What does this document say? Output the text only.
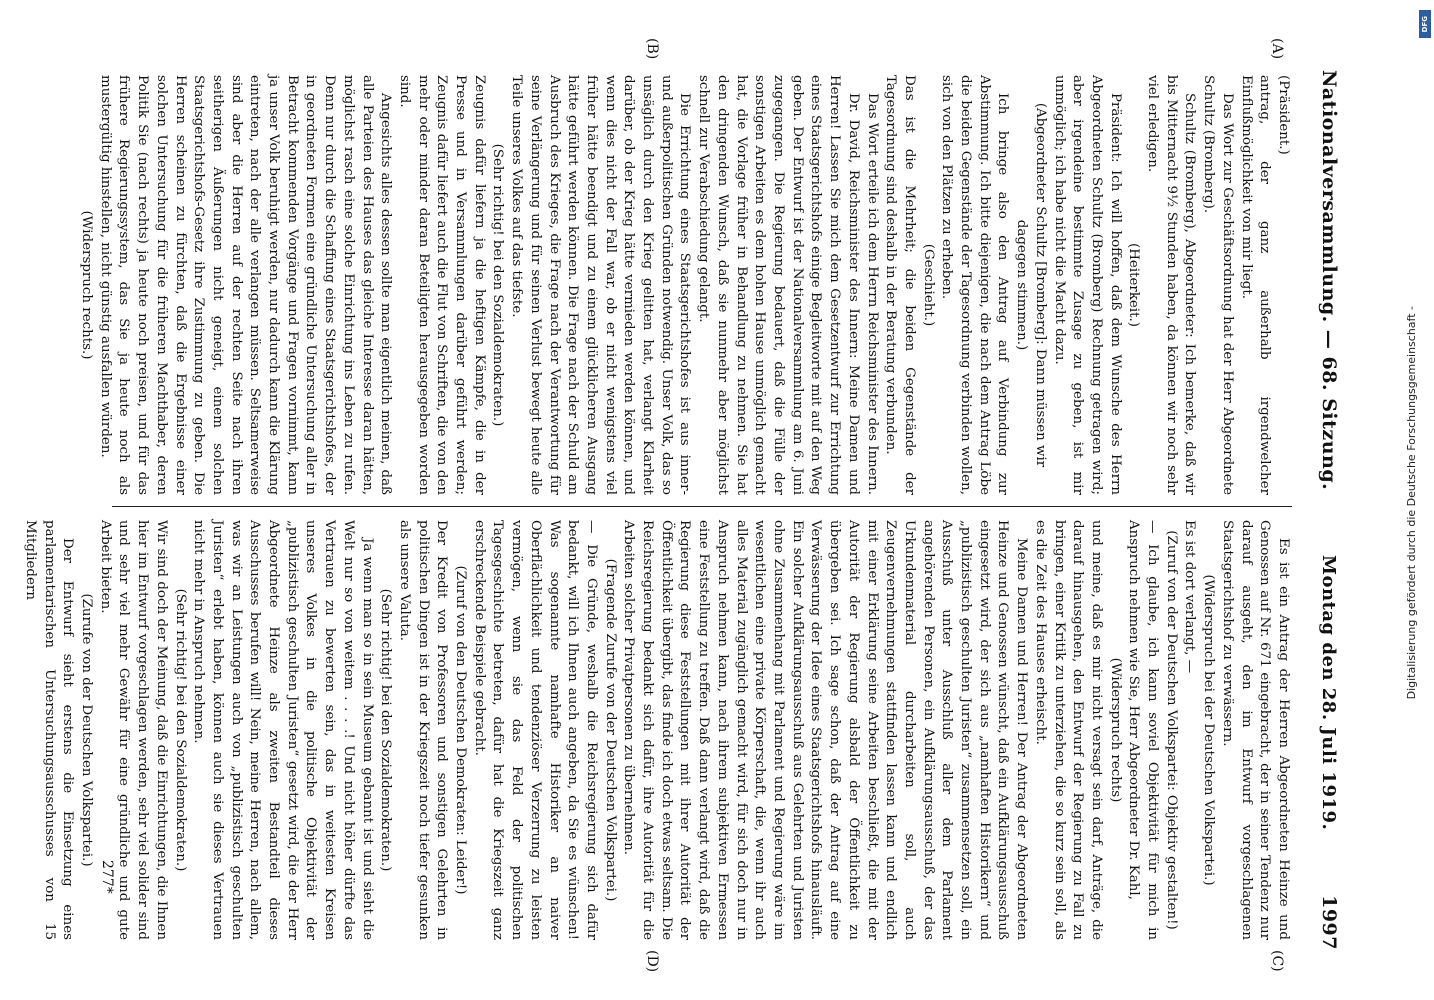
Nationalversammlung. — 68. Sitzung.
Montag den 28. Juli 1919.
1997
(A)
(B)
(C)
(D)

(Präsident.)

antrag, der ganz außerhalb irgendwelcher Einflußmöglichkeit von mir liegt.

Das Wort zur Geschäftsordnung hat der Herr Abgeordnete Schultz (Bromberg).

Schultz (Bromberg), Abgeordneter: Ich bemerke, daß wir bis Mitternacht 9½ Stunden haben, da können wir noch sehr viel erledigen.

(Heiterkeit.)

Präsident: Ich will hoffen, daß dem Wunsche des Herrn Abgeordneten Schultz (Bromberg) Rechnung getragen wird; aber irgendeine bestimmte Zusage zu geben, ist mir unmöglich; ich habe nicht die Macht dazu.

(Abgeordneter Schultz [Bromberg]: Dann müssen wir dagegen stimmen.)

Ich bringe also den Antrag auf Verbindung zur Abstimmung. Ich bitte diejenigen, die nach dem Antrag Löbe die beiden Gegenstände der Tagesordnung verbinden wollen, sich von den Plätzen zu erheben.

(Geschieht.)

Das ist die Mehrheit; die beiden Gegenstände der Tagesordnung sind deshalb in der Beratung verbunden.

Das Wort erteile ich dem Herrn Reichsminister des Innern.

Dr. David, Reichsminister des Innern: Meine Damen und Herren! Lassen Sie mich dem Gesetzentwurf zur Errichtung eines Staatsgerichtshofs einige Begleitworte mit auf den Weg geben. Der Entwurf ist der Nationalversammlung am 6. Juni zugegangen. Die Regierung bedauert, daß die Fülle der sonstigen Arbeiten es dem hohen Hause unmöglich gemacht hat, die Vorlage früher in Behandlung zu nehmen. Sie hat den dringenden Wunsch, daß sie nunmehr aber möglichst schnell zur Verabschiedung gelangt.

Die Errichtung eines Staatsgerichtshofes ist aus inner- und außerpolitischen Gründen notwendig. Unser Volk, das so unsäglich durch den Krieg gelitten hat, verlangt Klarheit darüber, ob der Krieg hätte vermieden werden können, und wenn dies nicht der Fall war, ob er nicht wenigstens viel früher hätte beendigt und zu einem glücklicheren Ausgang hätte geführt werden können. Die Frage nach der Schuld am Ausbruch des Krieges, die Frage nach der Verantwortung für seine Verlängerung und für seinen Verlust bewegt heute alle Teile unseres Volkes auf das tiefste.

(Sehr richtig! bei den Sozialdemokraten.)

Zeugnis dafür liefern ja die heftigen Kämpfe, die in der Presse und in Versammlungen darüber geführt werden; Zeugnis dafür liefert auch die Flut von Schriften, die von den mehr oder minder daran Beteiligten herausgegeben worden sind.

Angesichts alles dessen sollte man eigentlich meinen, daß alle Parteien des Hauses das gleiche Interesse daran hätten, möglichst rasch eine solche Einrichtung ins Leben zu rufen. Denn nur durch die Schaffung eines Staatsgerichtshofes, der in geordneten Formen eine gründliche Untersuchung aller in Betracht kommenden Vorgänge und Fragen vornimmt, kann ja unser Volk beruhigt werden, nur dadurch kann die Klärung eintreten, nach der alle verlangen müssen. Seltsamerweise sind aber die Herren auf der rechten Seite nach ihren seitherigen Äußerungen nicht geneigt, einem solchen Staatsgerichtshofs-Gesetz ihre Zustimmung zu geben. Die Herren scheinen zu fürchten, daß die Ergebnisse einer solchen Untersuchung für die früheren Machthaber, deren Politik Sie (nach rechts) ja heute noch preisen, und für das frühere Regierungssystem, das Sie ja heute noch als mustergültig hinstellen, nicht günstig ausfallen würden.

(Widerspruch rechts.)

Es ist ein Antrag der Herren Abgeordneten Heinze und Genossen auf Nr. 671 eingebracht, der in seiner Tendenz nur darauf ausgeht, den im Entwurf vorgeschlagenen Staatsgerichtshof zu verwässern.

(Widerspruch bei der Deutschen Volkspartei.)

Es ist dort verlangt, —

(Zuruf von der Deutschen Volkspartei: Objektiv gestalten!)

— Ich glaube, ich kann soviel Objektivität für mich in Anspruch nehmen wie Sie, Herr Abgeordneter Dr. Kahl,

(Widerspruch rechts)

und meine, daß es mir nicht versagt sein darf, Anträge, die darauf hinausgehen, den Entwurf der Regierung zu Fall zu bringen, einer Kritik zu unterziehen, die so kurz sein soll, als es die Zeit des Hauses erheischt.

Meine Damen und Herren! Der Antrag der Abgeordneten Heinze und Genossen wünscht, daß ein Aufklärungsausschuß eingesetzt wird, der sich aus „namhaften Historikern“ und „publizistisch geschulten Juristen“ zusammensetzen soll, ein Ausschuß unter Ausschluß aller dem Parlament angehörenden Personen, ein Aufklärungsausschuß, der das Urkundenmaterial durcharbeiten soll, auch Zeugenvernehmungen stattfinden lassen kann und endlich mit einer Erklärung seine Arbeiten beschließt, die mit der Autorität der Regierung alsbald der Öffentlichkeit zu übergeben sei. Ich sage schon, daß der Antrag auf eine Verwässerung der Idee eines Staatsgerichtshofs hinausläuft. Ein solcher Aufklärungsausschuß aus Gelehrten und Juristen ohne Zusammenhang mit Parlament und Regierung wäre im wesentlichen eine private Körperschaft, die, wenn ihr auch alles Material zugänglich gemacht wird, für sich doch nur in Anspruch nehmen kann, nach ihrem subjektiven Ermessen eine Feststellung zu treffen. Daß dann verlangt wird, daß die Regierung diese Feststellungen mit ihrer Autorität der Öffentlichkeit übergibt, das finde ich doch etwas seltsam. Die Reichsregierung bedankt sich dafür, ihre Autorität für die Arbeiten solcher Privatpersonen zu übernehmen.

(Fragende Zurufe von der Deutschen Volkspartei.)

— Die Gründe, weshalb die Reichsregierung sich dafür bedankt, will ich Ihnen auch angeben, da Sie es wünschen! Was sogenannte namhafte Historiker an naiver Oberflächlichkeit und tendenziöser Verzerrung zu leisten vermögen, wenn sie das Feld der politischen Tagesgeschichte betreten, dafür hat die Kriegszeit ganz erschreckende Beispiele gebracht.

(Zuruf von den Deutschen Demokraten: Leider!)

Der Kredit von Professoren und sonstigen Gelehrten in politischen Dingen ist in der Kriegszeit noch tiefer gesunken als unsere Valuta.

(Sehr richtig! bei den Sozialdemokraten.)

Ja wenn man so in sein Museum gebannt ist und sieht die Welt nur so von weitem . . . .! Und nicht höher dürfte das Vertrauen zu bewerten sein, das in weitesten Kreisen unseres Volkes in die politische Objektivität der „publizistisch geschulten Juristen“ gesetzt wird, die der Herr Abgeordnete Heinze als zweiten Bestandteil dieses Ausschusses berufen will! Nein, meine Herren, nach allem, was wir an Leistungen auch von „publizistisch geschulten Juristen“ erlebt haben, können auch sie dieses Vertrauen nicht mehr in Anspruch nehmen.

(Sehr richtig! bei den Sozialdemokraten.)

Wir sind doch der Meinung, daß die Einrichtungen, die Ihnen hier im Entwurf vorgeschlagen werden, sehr viel solider sind und sehr viel mehr Gewähr für eine gründliche und gute Arbeit bieten.

(Zurufe von der Deutschen Volkspartei.)

Der Entwurf sieht erstens die Einsetzung eines parlamentarischen Untersuchungsausschusses von 15 Mitgliedern

277*
DFG
Digitalisierung gefördert durch die Deutsche Forschungsgemeinschaft -
